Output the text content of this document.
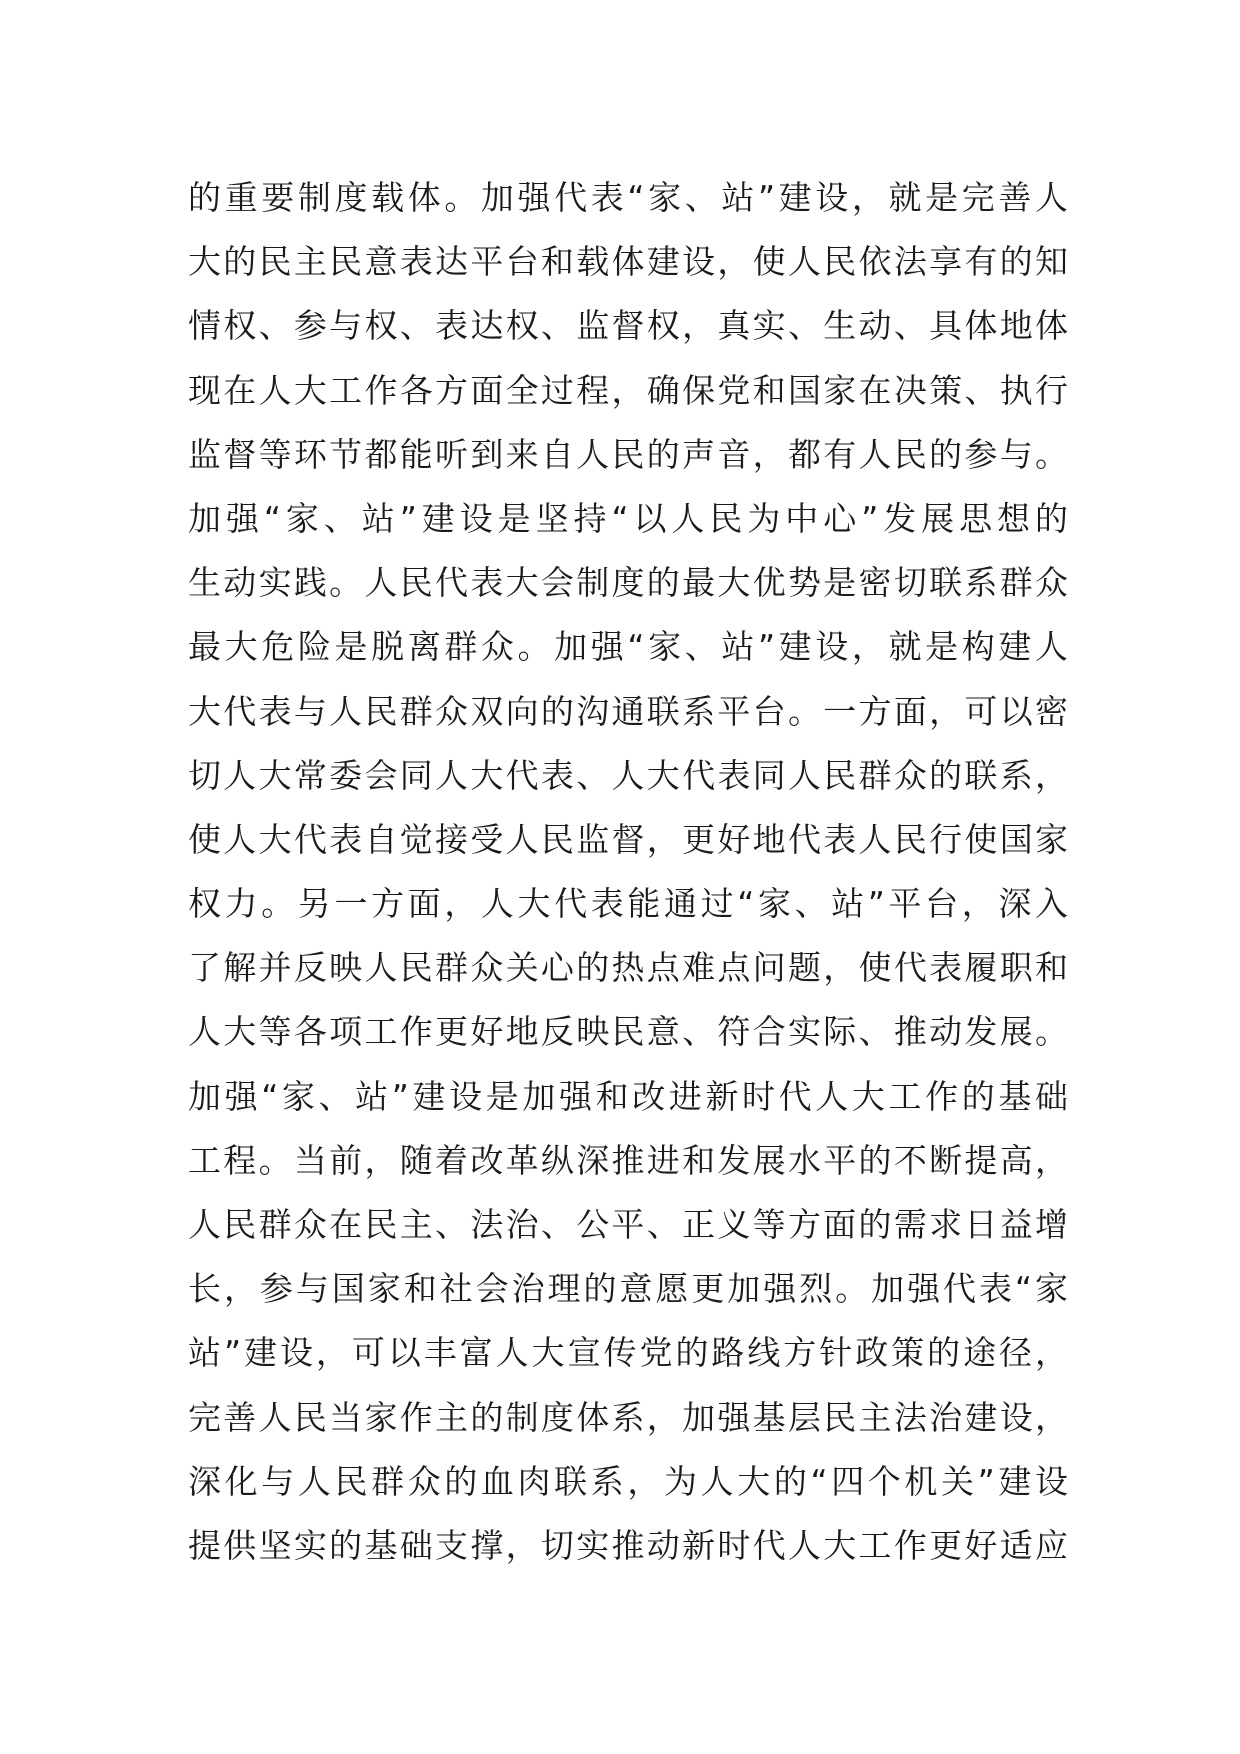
的重要制度载体。加强代表“家、站”建设，就是完善人
大的民主民意表达平台和载体建设，使人民依法享有的知
情权、参与权、表达权、监督权，真实、生动、具体地体
现在人大工作各方面全过程，确保党和国家在决策、执行
监督等环节都能听到来自人民的声音，都有人民的参与。
加强“家、站”建设是坚持“以人民为中心”发展思想的
生动实践。人民代表大会制度的最大优势是密切联系群众
最大危险是脱离群众。加强“家、站”建设，就是构建人
大代表与人民群众双向的沟通联系平台。一方面，可以密
切人大常委会同人大代表、人大代表同人民群众的联系，
使人大代表自觉接受人民监督，更好地代表人民行使国家
权力。另一方面，人大代表能通过“家、站”平台，深入
了解并反映人民群众关心的热点难点问题，使代表履职和
人大等各项工作更好地反映民意、符合实际、推动发展。
加强“家、站”建设是加强和改进新时代人大工作的基础
工程。当前，随着改革纵深推进和发展水平的不断提高，
人民群众在民主、法治、公平、正义等方面的需求日益增
长，参与国家和社会治理的意愿更加强烈。加强代表“家
站”建设，可以丰富人大宣传党的路线方针政策的途径，
完善人民当家作主的制度体系，加强基层民主法治建设，
深化与人民群众的血肉联系，为人大的“四个机关”建设
提供坚实的基础支撑，切实推动新时代人大工作更好适应
